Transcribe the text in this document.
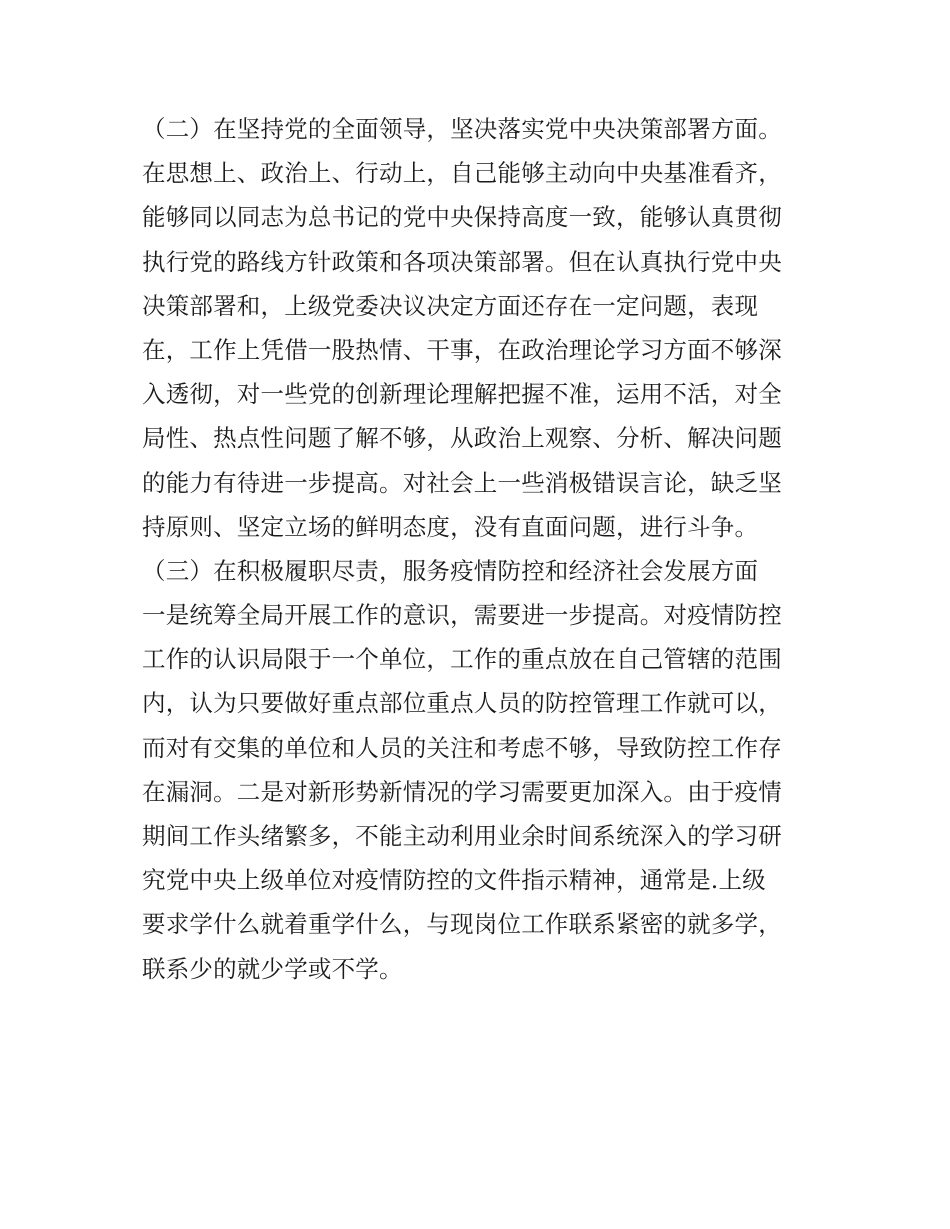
（二）在坚持党的全面领导，坚决落实党中央决策部署方面。
在思想上、政治上、行动上，自己能够主动向中央基准看齐，
能够同以同志为总书记的党中央保持高度一致，能够认真贯彻
执行党的路线方针政策和各项决策部署。但在认真执行党中央
决策部署和，上级党委决议决定方面还存在一定问题，表现
在，工作上凭借一股热情、干事，在政治理论学习方面不够深
入透彻，对一些党的创新理论理解把握不准，运用不活，对全
局性、热点性问题了解不够，从政治上观察、分析、解决问题
的能力有待进一步提高。对社会上一些消极错误言论，缺乏坚
持原则、坚定立场的鲜明态度，没有直面问题，进行斗争。
（三）在积极履职尽责，服务疫情防控和经济社会发展方面
一是统筹全局开展工作的意识，需要进一步提高。对疫情防控
工作的认识局限于一个单位，工作的重点放在自己管辖的范围
内，认为只要做好重点部位重点人员的防控管理工作就可以，
而对有交集的单位和人员的关注和考虑不够，导致防控工作存
在漏洞。二是对新形势新情况的学习需要更加深入。由于疫情
期间工作头绪繁多，不能主动利用业余时间系统深入的学习研
究党中央上级单位对疫情防控的文件指示精神，通常是.上级
要求学什么就着重学什么，与现岗位工作联系紧密的就多学，
联系少的就少学或不学。
